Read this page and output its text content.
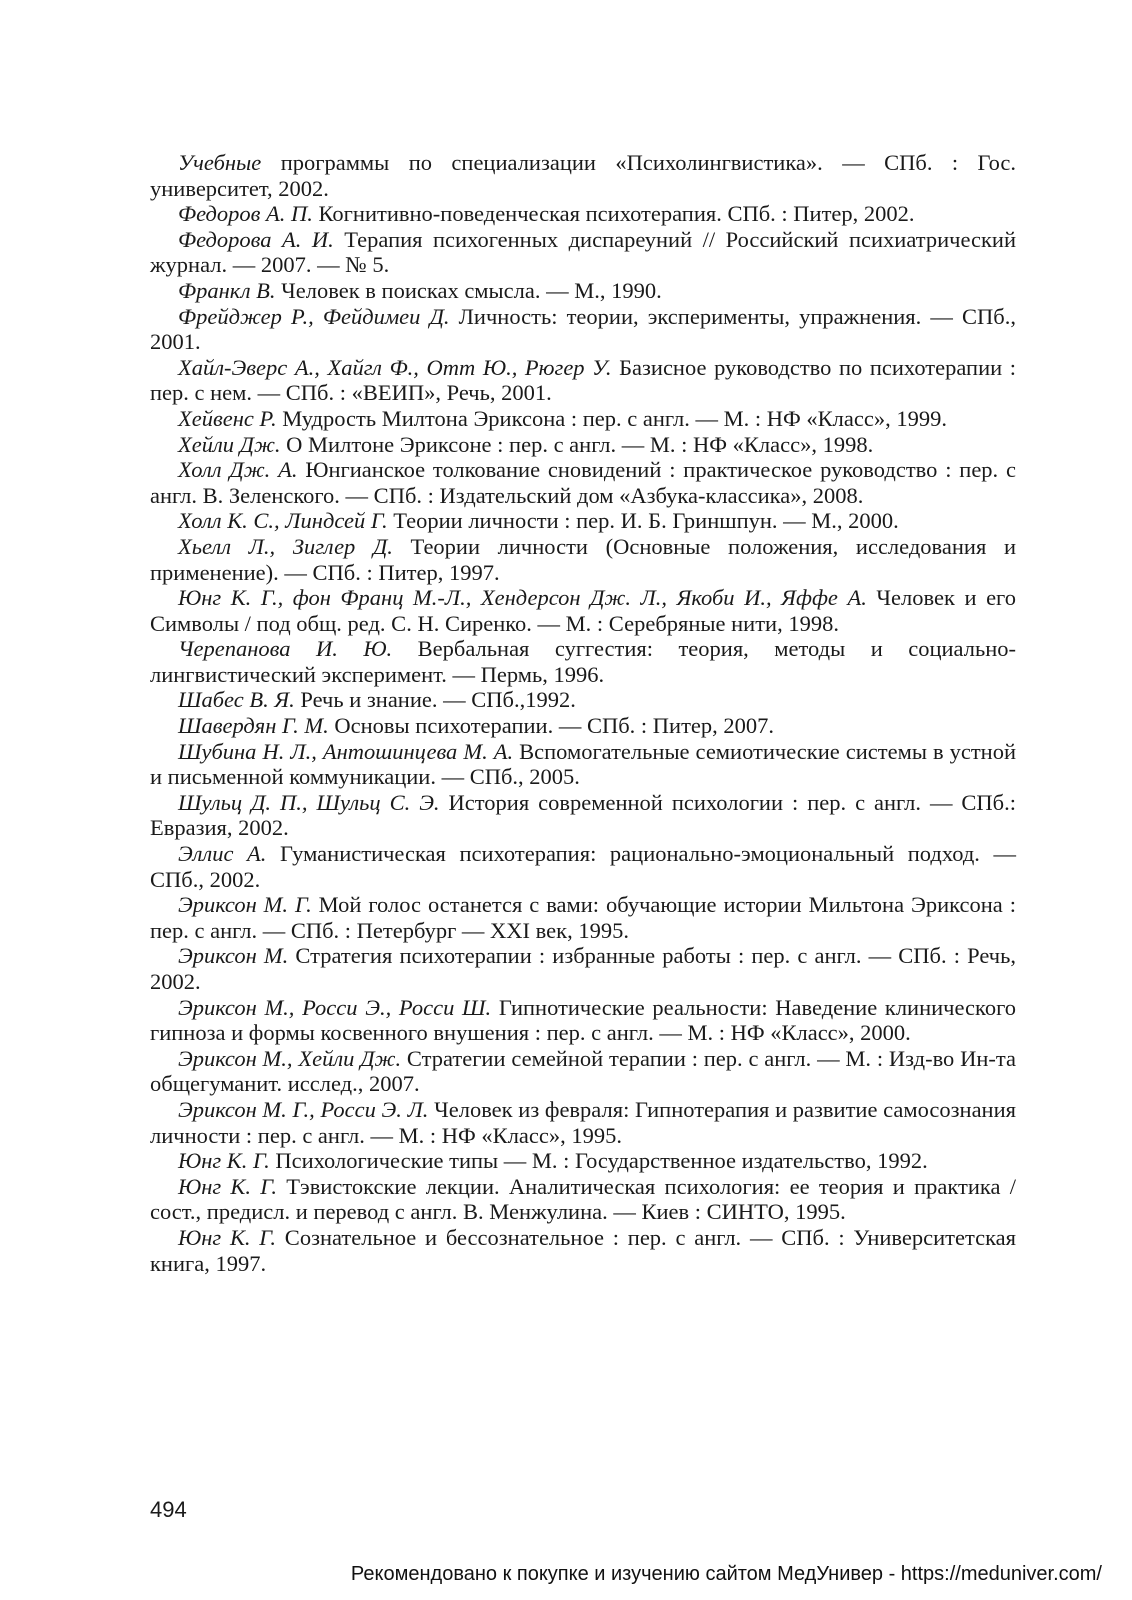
Учебные программы по специализации «Психолингвистика». — СПб. : Гос. университет, 2002.

Федоров А. П. Когнитивно-поведенческая психотерапия. СПб. : Питер, 2002.

Федорова А. И. Терапия психогенных диспареуний // Российский психиатрический журнал. — 2007. — № 5.

Франкл В. Человек в поисках смысла. — М., 1990.

Фрейджер Р., Фейдимеи Д. Личность: теории, эксперименты, упражнения. — СПб., 2001.

Хайл-Эверс А., Хайгл Ф., Отт Ю., Рюгер У. Базисное руководство по психотерапии : пер. с нем. — СПб. : «ВЕИП», Речь, 2001.

Хейвенс Р. Мудрость Милтона Эриксона : пер. с англ. — М. : НФ «Класс», 1999.

Хейли Дж. О Милтоне Эриксоне : пер. с англ. — М. : НФ «Класс», 1998.

Холл Дж. А. Юнгианское толкование сновидений : практическое руководство : пер. с англ. В. Зеленского. — СПб. : Издательский дом «Азбука-классика», 2008.

Холл К. С., Линдсей Г. Теории личности : пер. И. Б. Гриншпун. — М., 2000.

Хьелл Л., Зиглер Д. Теории личности (Основные положения, исследования и применение). — СПб. : Питер, 1997.

Юнг К. Г., фон Франц М.-Л., Хендерсон Дж. Л., Якоби И., Яффе А. Человек и его Символы / под общ. ред. С. Н. Сиренко. — М. : Серебряные нити, 1998.

Черепанова И. Ю. Вербальная суггестия: теория, методы и социально-лингвистический эксперимент. — Пермь, 1996.

Шабес В. Я. Речь и знание. — СПб.,1992.

Шавердян Г. М. Основы психотерапии. — СПб. : Питер, 2007.

Шубина Н. Л., Антошинцева М. А. Вспомогательные семиотические системы в устной и письменной коммуникации. — СПб., 2005.

Шульц Д. П., Шульц С. Э. История современной психологии : пер. с англ. — СПб.: Евразия, 2002.

Эллис А. Гуманистическая психотерапия: рационально-эмоциональный подход. — СПб., 2002.

Эриксон М. Г. Мой голос останется с вами: обучающие истории Мильтона Эриксона : пер. с англ. — СПб. : Петербург — XXI век, 1995.

Эриксон М. Стратегия психотерапии : избранные работы : пер. с англ. — СПб. : Речь, 2002.

Эриксон М., Росси Э., Росси Ш. Гипнотические реальности: Наведение клинического гипноза и формы косвенного внушения : пер. с англ. — М. : НФ «Класс», 2000.

Эриксон М., Хейли Дж. Стратегии семейной терапии : пер. с англ. — М. : Изд-во Ин-та общегуманит. исслед., 2007.

Эриксон М. Г., Росси Э. Л. Человек из февраля: Гипнотерапия и развитие самосознания личности : пер. с англ. — М. : НФ «Класс», 1995.

Юнг К. Г. Психологические типы — М. : Государственное издательство, 1992.

Юнг К. Г. Тэвистокские лекции. Аналитическая психология: ее теория и практика / сост., предисл. и перевод с англ. В. Менжулина. — Киев : СИНТО, 1995.

Юнг К. Г. Сознательное и бессознательное : пер. с англ. — СПб. : Университетская книга, 1997.

494

Рекомендовано к покупке и изучению сайтом МедУнивер - https://meduniver.com/
